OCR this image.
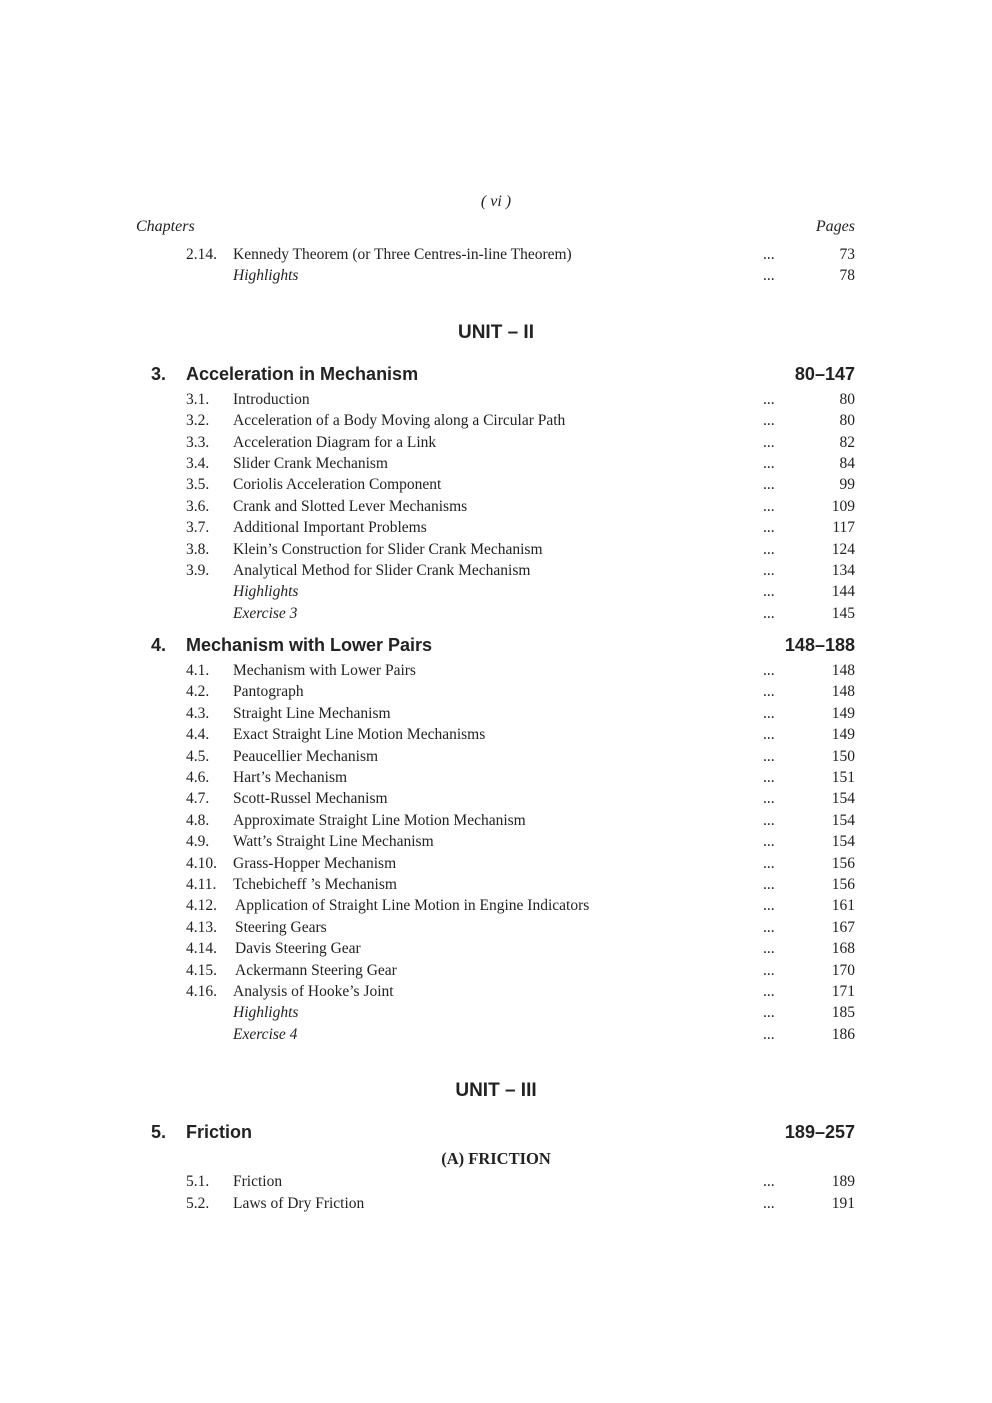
( vi )
Chapters	Pages
2.14. Kennedy Theorem (or Three Centres-in-line Theorem)	...	73
Highlights	...	78
UNIT – II
3. Acceleration in Mechanism	80–147
3.1. Introduction	...	80
3.2. Acceleration of a Body Moving along a Circular Path	...	80
3.3. Acceleration Diagram for a Link	...	82
3.4. Slider Crank Mechanism	...	84
3.5. Coriolis Acceleration Component	...	99
3.6. Crank and Slotted Lever Mechanisms	...	109
3.7. Additional Important Problems	...	117
3.8. Klein’s Construction for Slider Crank Mechanism	...	124
3.9. Analytical Method for Slider Crank Mechanism	...	134
Highlights	...	144
Exercise 3	...	145
4. Mechanism with Lower Pairs	148–188
4.1. Mechanism with Lower Pairs	...	148
4.2. Pantograph	...	148
4.3. Straight Line Mechanism	...	149
4.4. Exact Straight Line Motion Mechanisms	...	149
4.5. Peaucellier Mechanism	...	150
4.6. Hart’s Mechanism	...	151
4.7. Scott-Russel Mechanism	...	154
4.8. Approximate Straight Line Motion Mechanism	...	154
4.9. Watt’s Straight Line Mechanism	...	154
4.10. Grass-Hopper Mechanism	...	156
4.11. Tchebicheff ’s Mechanism	...	156
4.12. Application of Straight Line Motion in Engine Indicators	...	161
4.13. Steering Gears	...	167
4.14. Davis Steering Gear	...	168
4.15. Ackermann Steering Gear	...	170
4.16. Analysis of Hooke’s Joint	...	171
Highlights	...	185
Exercise 4	...	186
UNIT – III
5. Friction	189–257
(A) FRICTION
5.1. Friction	...	189
5.2. Laws of Dry Friction	...	191
